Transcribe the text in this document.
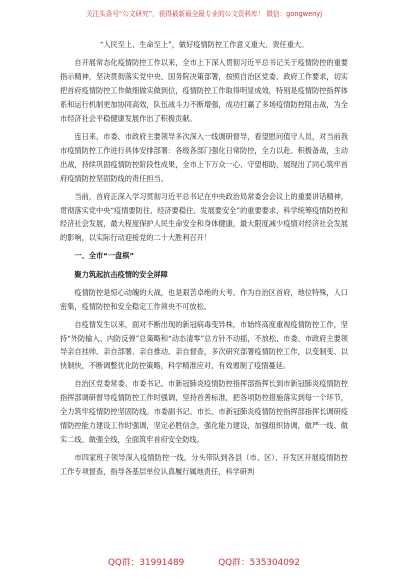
关注头条号“公文研究”，获得最新最全最专业的公文资料库！ 微信：gongwenyj

“人民至上、生命至上”，做好疫情防控工作意义重大、责任重大。

自开展常态化疫情防控工作以来，全市上下深入贯彻习近平总书记关于疫情防控的重要指示精神，坚决贯彻落实党中央、国务院决策部署，按照自治区党委、政府工作要求，切实把首府疫情防控工作做细做实做到位，疫情防控工作取得明显成效，特别是疫情防控指挥体系和运行机制更加协同高效，队伍战斗力不断增强，成功打赢了多场疫情防控阻击战，为全市经济社会平稳健康发展作出了积极贡献。

连日来，市委、市政府主要领导多次深入一线调研督导，看望慰问值守人员，对当前我市疫情防控工作进行具体安排部署：各级各部门强化日常防控，全力以赴、积极备战，主动出战，持续巩固疫情防控阶段性成果，全市上下万众一心、守望相助，展现出了同心筑牢首府疫情防控坚固防线的责任担当。

当前，首府正深入学习贯彻习近平总书记在中央政治局常委会会议上的重要讲话精神，贯彻落实党中央“疫情要防住、经济要稳住、发展要安全”的重要要求，科学统筹疫情防控和经济社会发展，最大程度保护人民生命安全和身体健康，最大限度减少疫情对经济社会发展的影响，以实际行动迎接党的二十大胜利召开！

一、全市“一盘棋”

聚力筑起抗击疫情的安全屏障

疫情防控是惊心动魄的大战，也是艰苦卓绝的大考。作为自治区首府，地位特殊，人口密集，疫情防控和安全稳定工作须央不可放松。

自疫情发生以来，面对不断出现的新冠病毒变异株，市始终高度重视疫情防控工作，坚持“外防输入、内防反弹”总策略和“动态清零”总方针不动摇，不放松，市委、市政府主要领导亲自挂帅、亲自部署、亲自推动、亲自督查，多次研究部署疫情防控工作，以变制变、以快制快，不断调整优化防控策略，科学精准应对，有效遏制了疫情蔓延。

自治区党委常委、市委书记、市新冠肺炎疫情防控指挥部指挥长到市新冠肺炎疫情防控指挥部调研督导疫情防控工作时强调，坚持首善标准，把各项防控措施落实到每一个环节，全力筑牢疫情防控坚固防线。市委副书记、市长、市新冠肺炎疫情防控指挥部指挥长调研疫情防控能力建设工作时强调，坚定必胜信念，强化能力建设，加强组织协调，做严一线、做实二线、做强全线，全面筑牢首府安全防线。

市四家班子领导深入疫情防控一线，分头带队到各县（市、区）、开发区开展疫情防控工作专项督查，指导各基层单位认真履行属地责任，科学研判

QQ群：31991489	QQ群：535304092
